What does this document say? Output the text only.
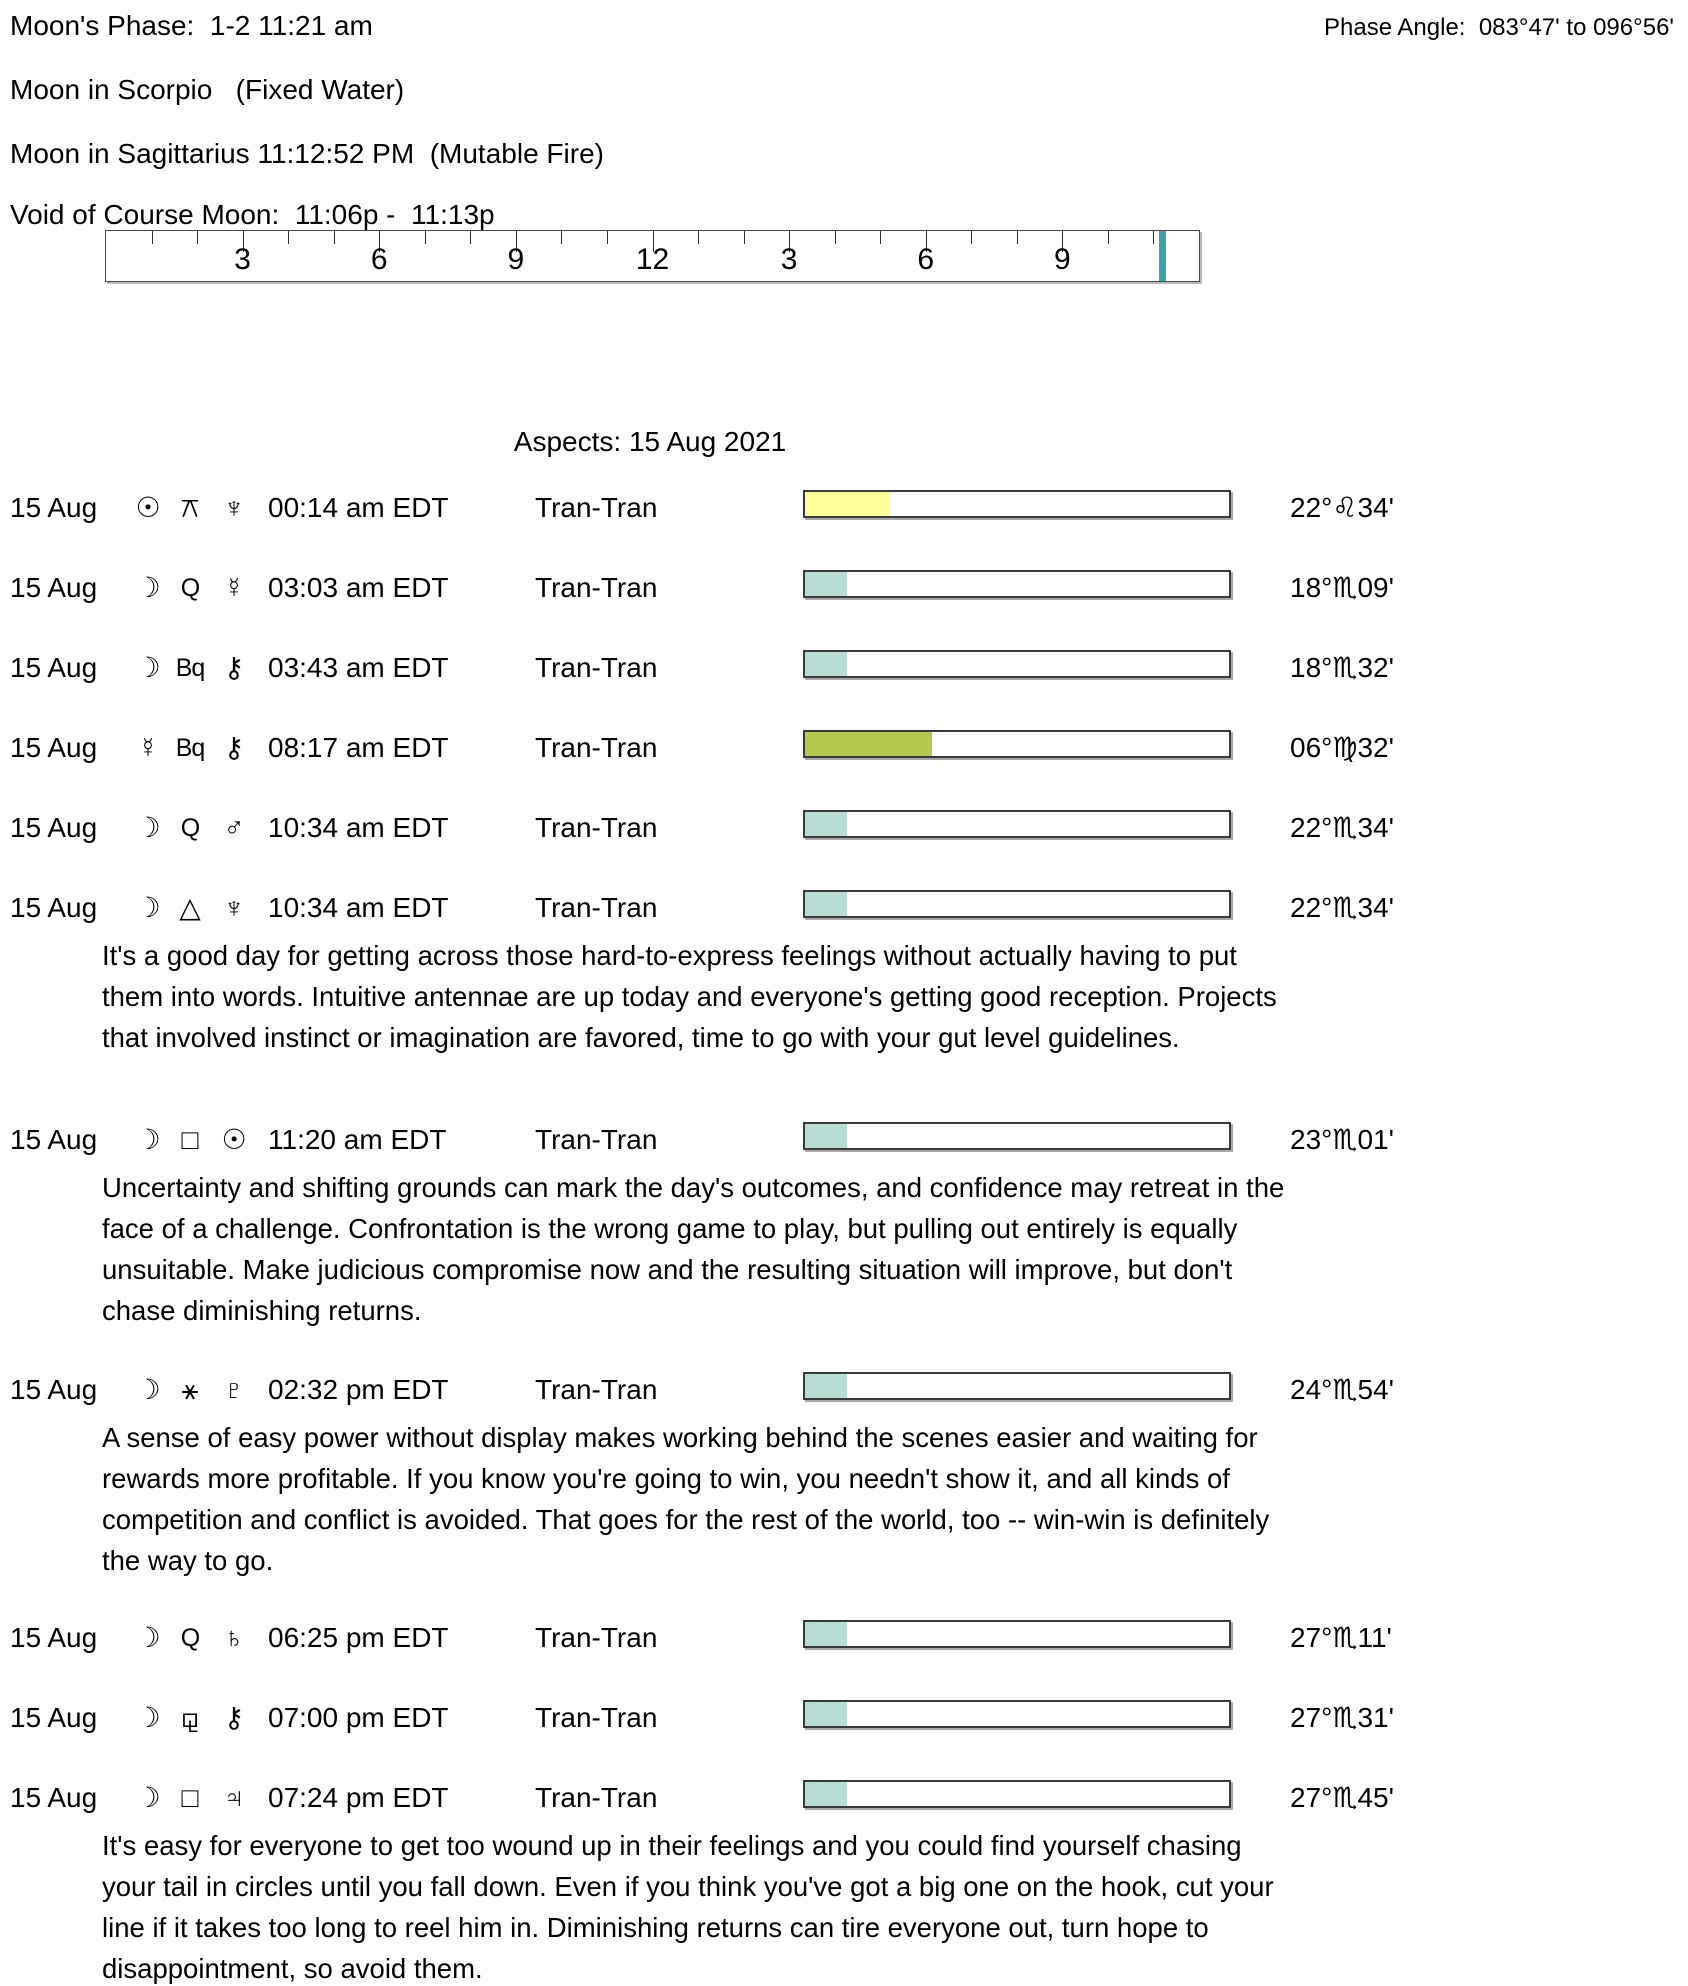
Moon's Phase:  1-2 11:21 am	Phase Angle:  083°47' to 096°56'
Moon in Scorpio   (Fixed Water)
Moon in Sagittarius 11:12:52 PM  (Mutable Fire)
Void of Course Moon:  11:06p -  11:13p
3	6	9	12	3	6	9
Aspects: 15 Aug 2021
15 Aug	☉ ⚻ ♆ 00:14 am EDT	Tran-Tran	22°♌34'
15 Aug	☽ Q ☿ 03:03 am EDT	Tran-Tran	18°♏09'
15 Aug	☽ Bq ⚷ 03:43 am EDT	Tran-Tran	18°♏32'
15 Aug	☿ Bq ⚷ 08:17 am EDT	Tran-Tran	06°♍32'
15 Aug	☽ Q ♂ 10:34 am EDT	Tran-Tran	22°♏34'
15 Aug	☽ △ ♆ 10:34 am EDT	Tran-Tran	22°♏34'
It's a good day for getting across those hard-to-express feelings without actually having to put them into words. Intuitive antennae are up today and everyone's getting good reception. Projects that involved instinct or imagination are favored, time to go with your gut level guidelines.
15 Aug	☽ □ ☉ 11:20 am EDT	Tran-Tran	23°♏01'
Uncertainty and shifting grounds can mark the day's outcomes, and confidence may retreat in the face of a challenge. Confrontation is the wrong game to play, but pulling out entirely is equally unsuitable. Make judicious compromise now and the resulting situation will improve, but don't chase diminishing returns.
15 Aug	☽ ⚹ ♇ 02:32 pm EDT	Tran-Tran	24°♏54'
A sense of easy power without display makes working behind the scenes easier and waiting for rewards more profitable. If you know you're going to win, you needn't show it, and all kinds of competition and conflict is avoided. That goes for the rest of the world, too -- win-win is definitely the way to go.
15 Aug	☽ Q ♄ 06:25 pm EDT	Tran-Tran	27°♏11'
15 Aug	☽ ⚼ ⚷ 07:00 pm EDT	Tran-Tran	27°♏31'
15 Aug	☽ □ ♃ 07:24 pm EDT	Tran-Tran	27°♏45'
It's easy for everyone to get too wound up in their feelings and you could find yourself chasing your tail in circles until you fall down. Even if you think you've got a big one on the hook, cut your line if it takes too long to reel him in. Diminishing returns can tire everyone out, turn hope to disappointment, so avoid them.
